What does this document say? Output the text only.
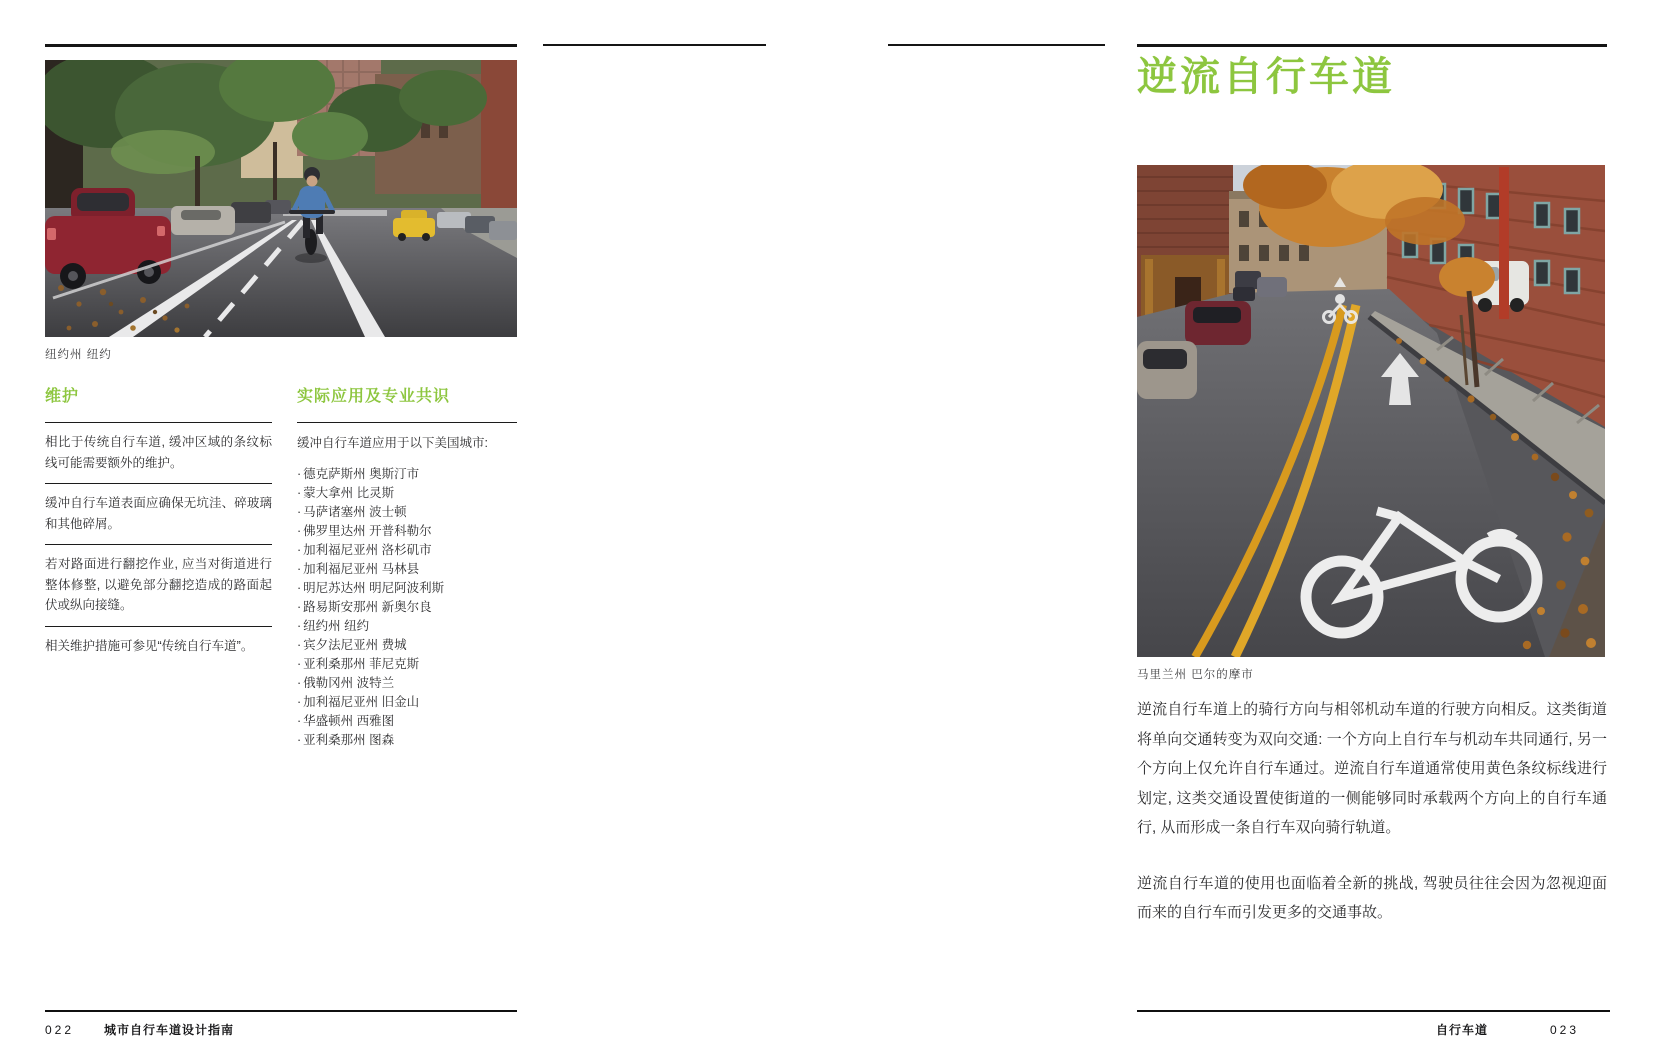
纽约州 纽约
维护
相比于传统自行车道, 缓冲区域的条纹标线可能需要额外的维护。
缓冲自行车道表面应确保无坑洼、碎玻璃和其他碎屑。
若对路面进行翻挖作业, 应当对街道进行整体修整, 以避免部分翻挖造成的路面起伏或纵向接缝。
相关维护措施可参见“传统自行车道”。
实际应用及专业共识
缓冲自行车道应用于以下美国城市:
· 德克萨斯州 奥斯汀市
· 蒙大拿州 比灵斯
· 马萨诸塞州 波士顿
· 佛罗里达州 开普科勒尔
· 加利福尼亚州 洛杉矶市
· 加利福尼亚州 马林县
· 明尼苏达州 明尼阿波利斯
· 路易斯安那州 新奥尔良
· 纽约州 纽约
· 宾夕法尼亚州 费城
· 亚利桑那州 菲尼克斯
· 俄勒冈州 波特兰
· 加利福尼亚州 旧金山
· 华盛顿州 西雅图
· 亚利桑那州 图森
022	城市自行车道设计指南
逆流自行车道
马里兰州 巴尔的摩市

逆流自行车道上的骑行方向与相邻机动车道的行驶方向相反。这类街道将单向交通转变为双向交通: 一个方向上自行车与机动车共同通行, 另一个方向上仅允许自行车通过。逆流自行车道通常使用黄色条纹标线进行划定, 这类交通设置使街道的一侧能够同时承载两个方向上的自行车通行, 从而形成一条自行车双向骑行轨道。

逆流自行车道的使用也面临着全新的挑战, 驾驶员往往会因为忽视迎面而来的自行车而引发更多的交通事故。

自行车道	023
